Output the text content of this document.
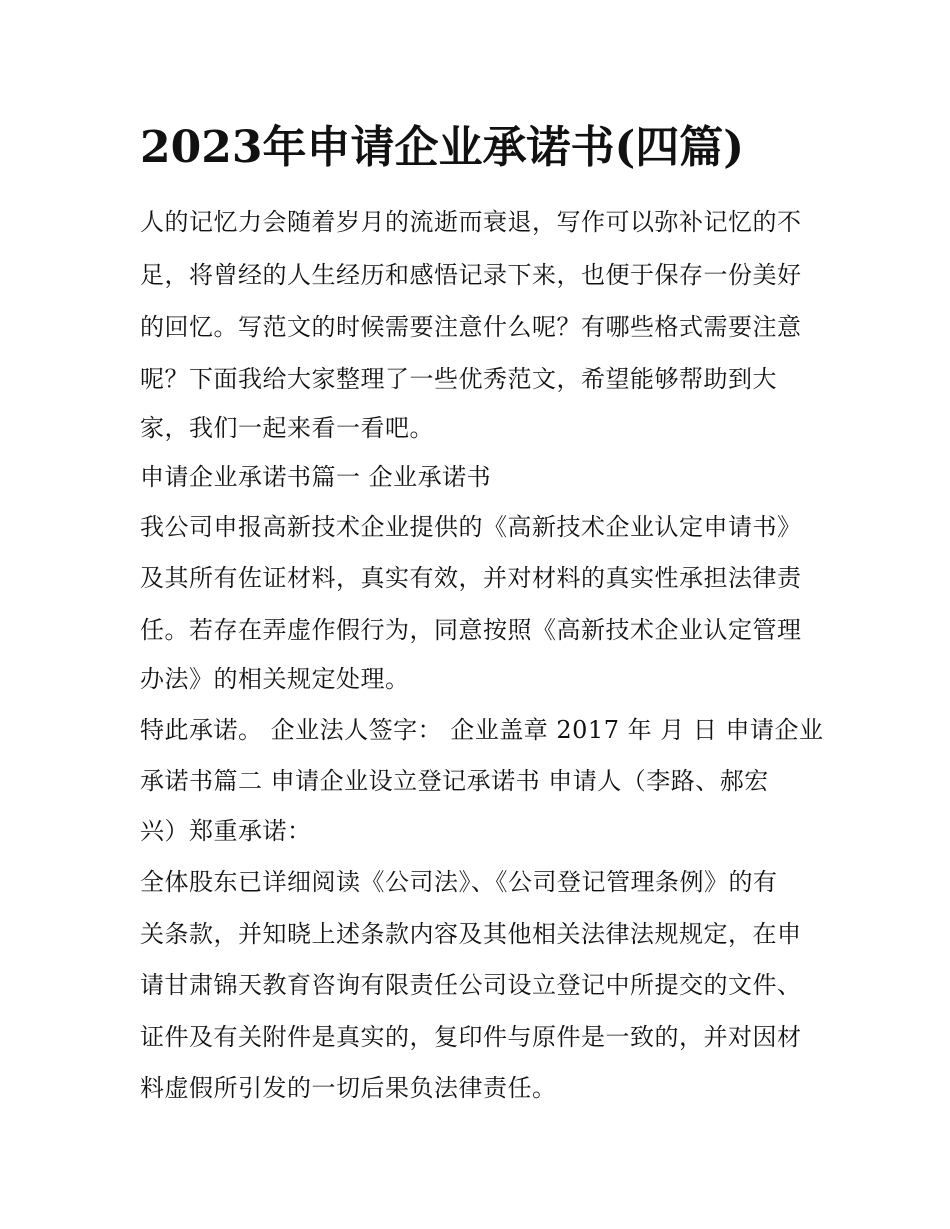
2023年申请企业承诺书(四篇)

人的记忆力会随着岁月的流逝而衰退，写作可以弥补记忆的不

足，将曾经的人生经历和感悟记录下来，也便于保存一份美好

的回忆。写范文的时候需要注意什么呢？有哪些格式需要注意

呢？下面我给大家整理了一些优秀范文，希望能够帮助到大

家，我们一起来看一看吧。

申请企业承诺书篇一 企业承诺书

我公司申报高新技术企业提供的《高新技术企业认定申请书》

及其所有佐证材料，真实有效，并对材料的真实性承担法律责

任。若存在弄虚作假行为，同意按照《高新技术企业认定管理

办法》的相关规定处理。

特此承诺。 企业法人签字： 企业盖章 2017 年 月 日 申请企业

承诺书篇二 申请企业设立登记承诺书 申请人（李路、郝宏

兴）郑重承诺：

全体股东已详细阅读《公司法》、《公司登记管理条例》的有

关条款，并知晓上述条款内容及其他相关法律法规规定，在申

请甘肃锦天教育咨询有限责任公司设立登记中所提交的文件、

证件及有关附件是真实的，复印件与原件是一致的，并对因材

料虚假所引发的一切后果负法律责任。
